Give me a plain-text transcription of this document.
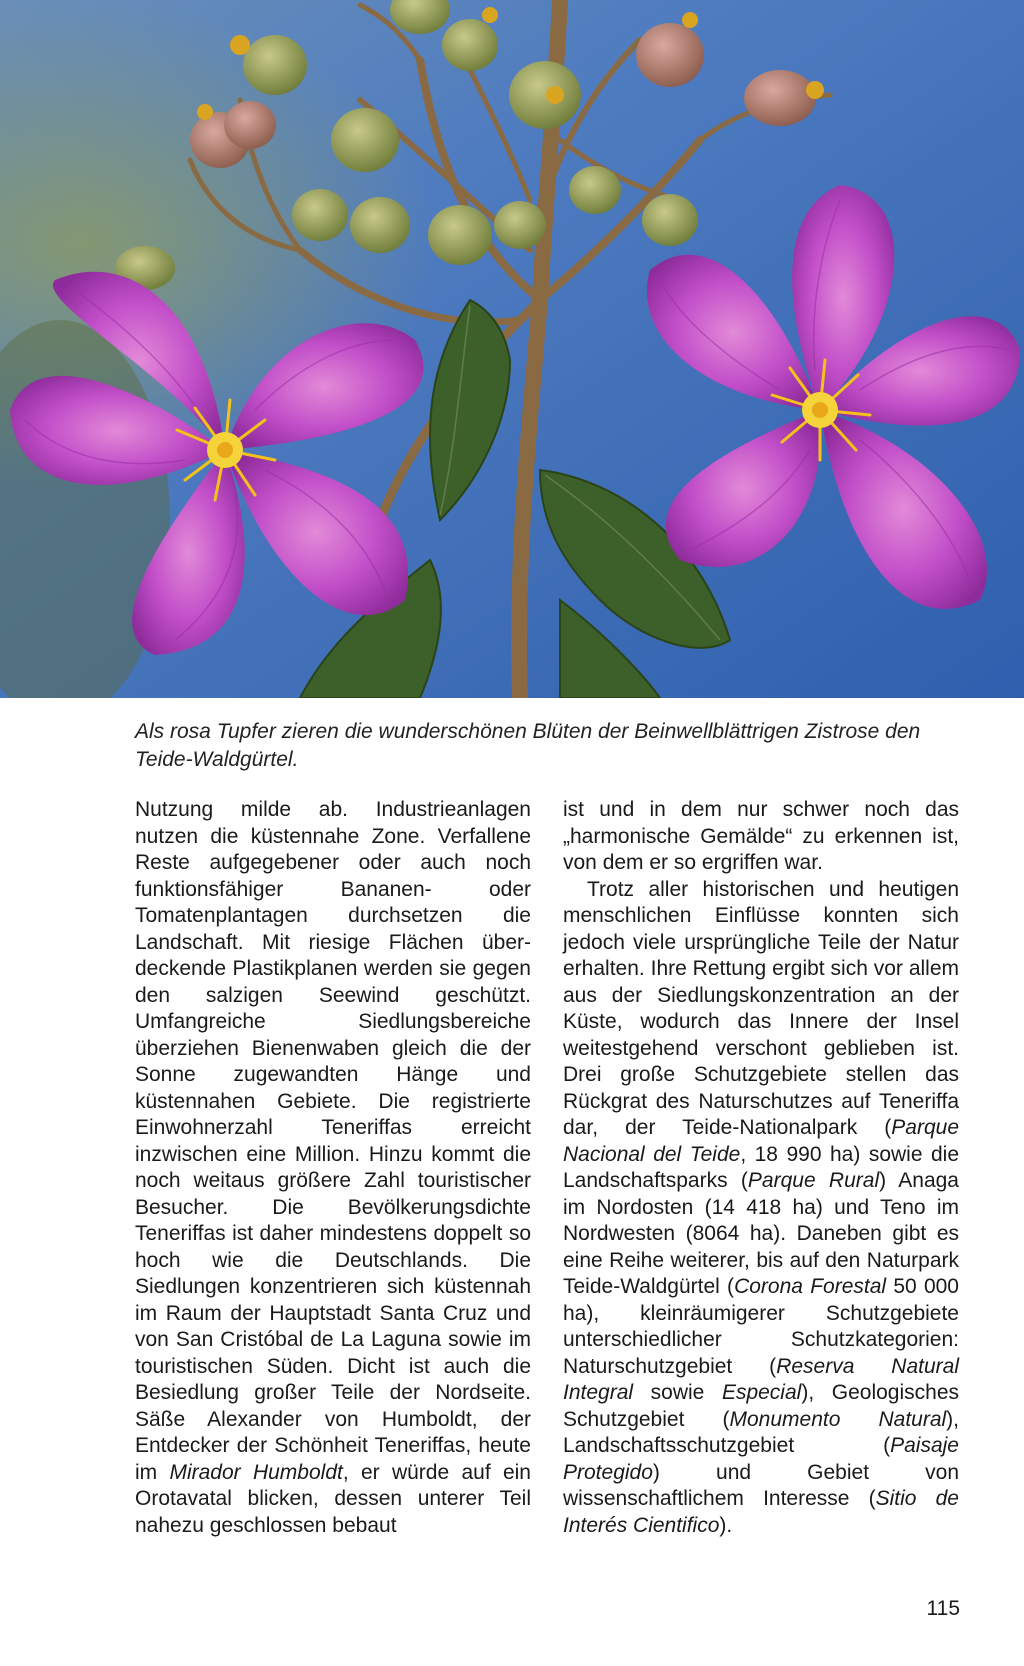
Als rosa Tupfer zieren die wunderschönen Blüten der Beinwellblättrigen Zistrose den Teide-Waldgürtel.

Nutzung milde ab. Industrieanlagen nutzen die küstennahe Zone. Verfallene Reste aufgegebener oder auch noch funktionsfähiger Bananen- oder Tomatenplantagen durchsetzen die Landschaft. Mit riesige Flächen überdeckende Plastikplanen werden sie gegen den salzigen Seewind geschützt. Umfangreiche Siedlungsbereiche überziehen Bienenwaben gleich die der Sonne zugewandten Hänge und küstennahen Gebiete. Die registrierte Einwohnerzahl Teneriffas erreicht inzwischen eine Million. Hinzu kommt die noch weitaus größere Zahl touristischer Besucher. Die Bevölkerungsdichte Teneriffas ist daher mindestens doppelt so hoch wie die Deutschlands. Die Siedlungen konzentrieren sich küstennah im Raum der Hauptstadt Santa Cruz und von San Cristóbal de La Laguna sowie im touristischen Süden. Dicht ist auch die Besiedlung großer Teile der Nordseite. Säße Alexander von Humboldt, der Entdecker der Schönheit Teneriffas, heute im Mirador Humboldt, er würde auf ein Orotavatal blicken, dessen unterer Teil nahezu geschlossen bebaut

ist und in dem nur schwer noch das „harmonische Gemälde“ zu erkennen ist, von dem er so ergriffen war.

Trotz aller historischen und heutigen menschlichen Einflüsse konnten sich jedoch viele ursprüngliche Teile der Natur erhalten. Ihre Rettung ergibt sich vor allem aus der Siedlungskonzentration an der Küste, wodurch das Innere der Insel weitestgehend verschont geblieben ist. Drei große Schutzgebiete stellen das Rückgrat des Naturschutzes auf Teneriffa dar, der Teide-Nationalpark (Parque Nacional del Teide, 18 990 ha) sowie die Landschaftsparks (Parque Rural) Anaga im Nordosten (14 418 ha) und Teno im Nordwesten (8064 ha). Daneben gibt es eine Reihe weiterer, bis auf den Naturpark Teide-Waldgürtel (Corona Forestal 50 000 ha), kleinräumigerer Schutzgebiete unterschiedlicher Schutzkategorien: Naturschutzgebiet (Reserva Natural Integral sowie Especial), Geologisches Schutzgebiet (Monumento Natural), Landschaftsschutzgebiet (Paisaje Protegido) und Gebiet von wissenschaftlichem Interesse (Sitio de Interés Cientifico).

115
